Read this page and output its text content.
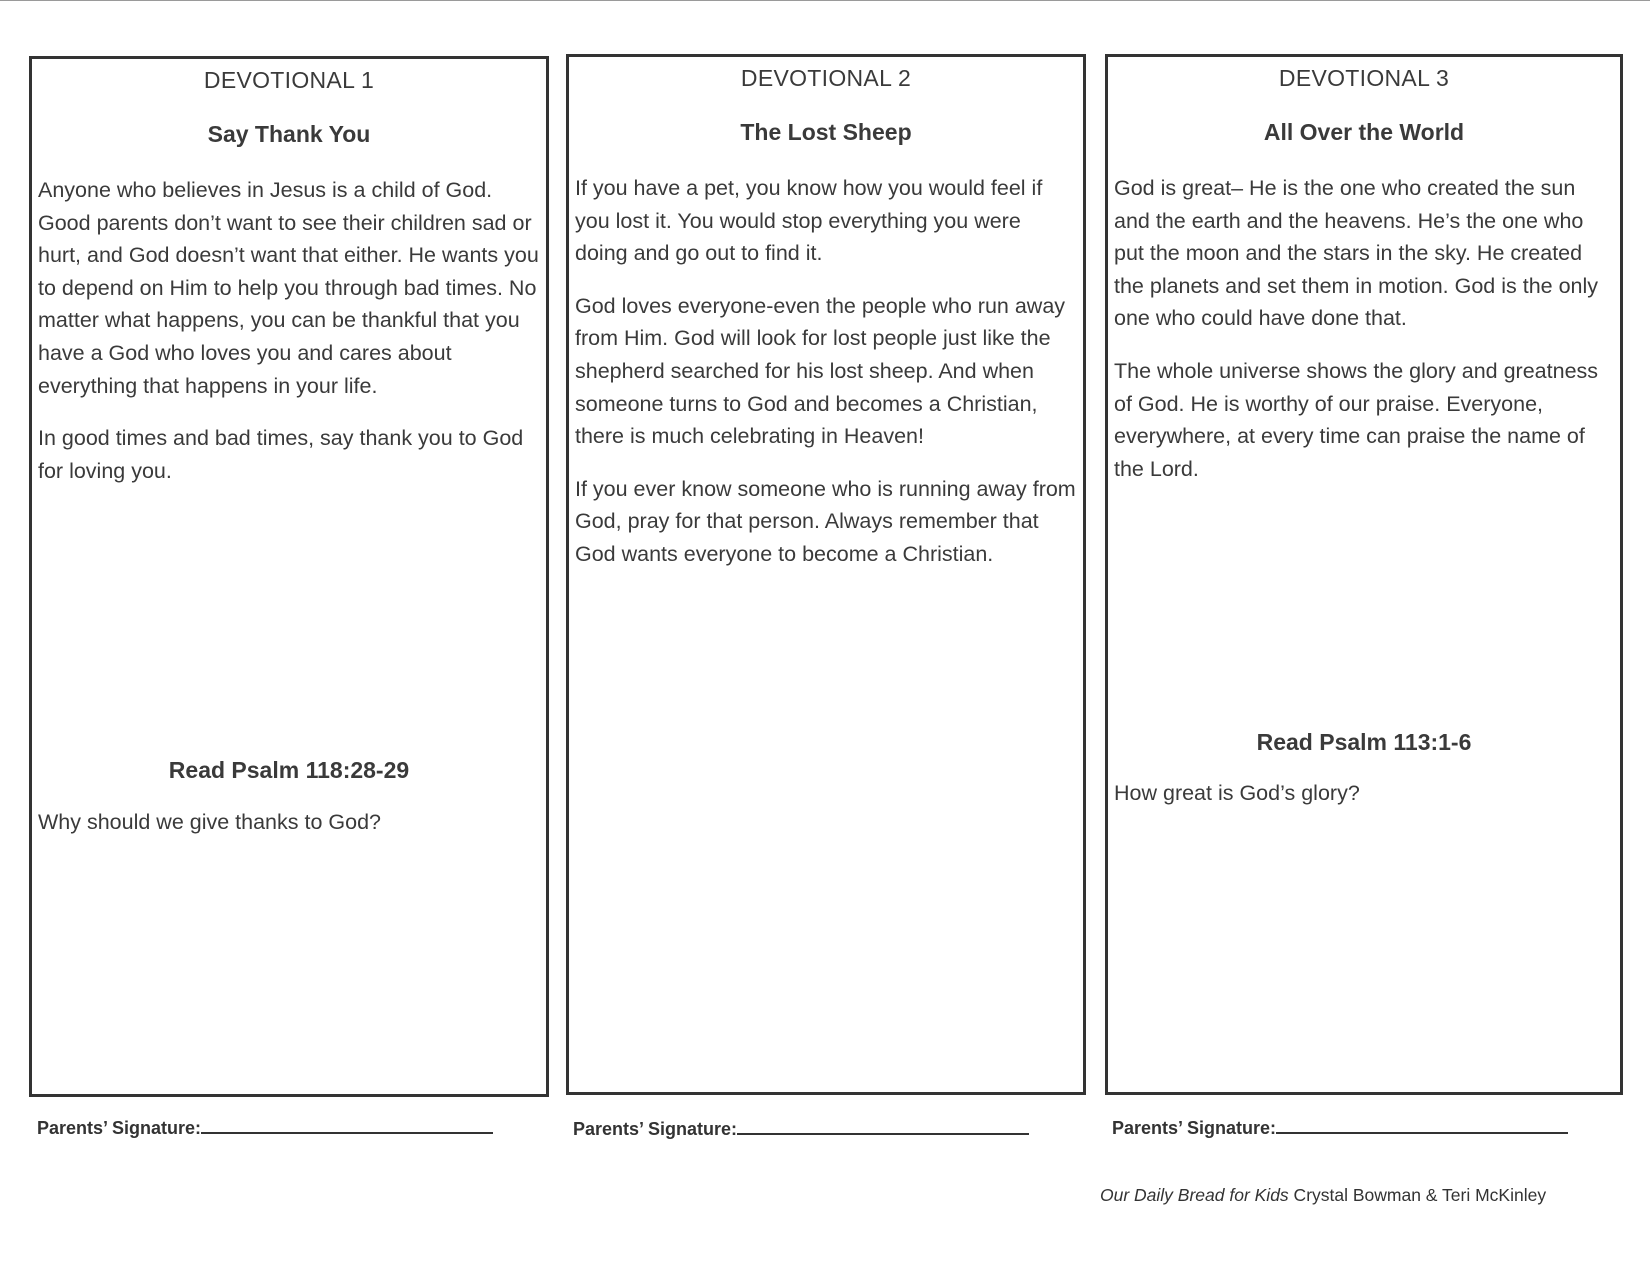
DEVOTIONAL 1
Say Thank You

Anyone who believes in Jesus is a child of God. Good parents don’t want to see their children sad or hurt, and God doesn’t want that either. He wants you to depend on Him to help you through bad times. No matter what happens, you can be thankful that you have a God who loves you and cares about everything that happens in your life.

In good times and bad times, say thank you to God for loving you.

Read Psalm 118:28-29
Why should we give thanks to God?
DEVOTIONAL 2
The Lost Sheep

If you have a pet, you know how you would feel if you lost it. You would stop everything you were doing and go out to find it.

God loves everyone-even the people who run away from Him. God will look for lost people just like the shepherd searched for his lost sheep. And when someone turns to God and becomes a Christian, there is much celebrating in Heaven!

If you ever know someone who is running away from God, pray for that person. Always remember that God wants everyone to become a Christian.

DEVOTIONAL 3
All Over the World

God is great– He is the one who created the sun and the earth and the heavens. He’s the one who put the moon and the stars in the sky. He created the planets and set them in motion. God is the only one who could have done that.

The whole universe shows the glory and greatness of God. He is worthy of our praise. Everyone, everywhere, at every time can praise the name of the Lord.

Read Psalm 113:1-6
How great is God’s glory?
Parents’ Signature:	Parents’ Signature:	Parents’ Signature:
Our Daily Bread for Kids Crystal Bowman & Teri McKinley
